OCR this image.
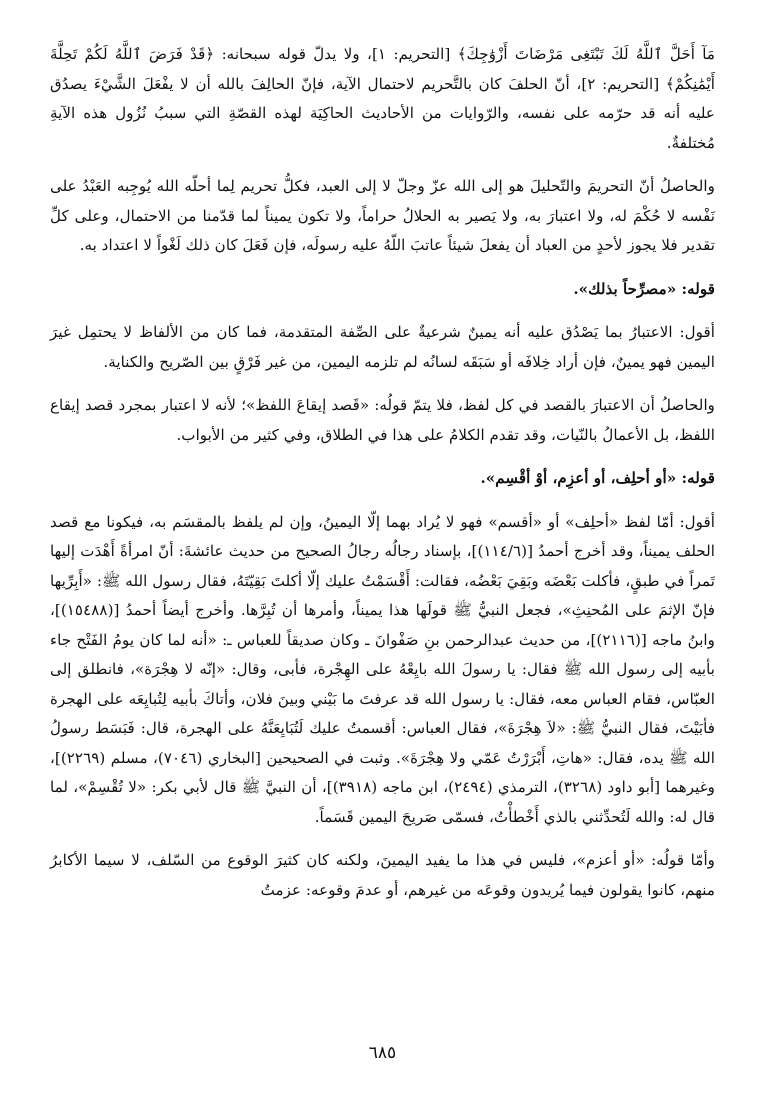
مَآ أَحَلَّ ٱللَّهُ لَكَ تَبْتَغِى مَرْضَاتَ أَزْوَٰجِكَ﴾ [التحريم: ١]، ولا يدلّ قوله سبحانه: ﴿قَدْ فَرَضَ ٱللَّهُ لَكُمْ تَحِلَّةَ أَيْمَٰنِكُمْ﴾ [التحريم: ٢]، أنّ الحلفَ كان بالتَّحريم لاحتمال الآية، فإنّ الحالِفَ بالله أن لا يفْعَلَ الشَّيْءَ يصدُق عليه أنه قد حرّمه على نفسه، والرّوايات من الأحاديث الحاكِيَة لهذه القصّةِ التي سببُ نُزُول هذه الآيةِ مُختلفةٌ.

والحاصلُ أنّ التحريمَ والتّحليلَ هو إلى الله عزّ وجلّ لا إلى العبد، فكلُّ تحريم لِما أحلّه الله يُوجِبه العَبْدُ على نَفْسه لا حُكْمَ له، ولا اعتبارَ به، ولا يَصير به الحلالُ حراماً، ولا تكون يميناً لما قدّمنا من الاحتمال، وعلى كلِّ تقدير فلا يجوز لأحدٍ من العباد أن يفعلَ شيئاً عاتبَ اللّهُ عليه رسولَه، فإن فَعَلَ كان ذلك لَغْواً لا اعتداد به.

قوله: «مصرِّحاً بذلك».

أقول: الاعتبارُ بما يَصْدُق عليه أنه يمينٌ شرعيةٌ على الصِّفة المتقدمة، فما كان من الألفاظ لا يحتمِل غيرَ اليمين فهو يمينٌ، فإن أراد خِلافَه أو سَبَقَه لسانُه لم تلزمه اليمين، من غير فَرْقٍ بين الصّريح والكناية.

والحاصلُ أن الاعتبارَ بالقصد في كل لفظ، فلا يتمّ قولُه: «قَصد إيقاعَ اللفظ»؛ لأنه لا اعتبار بمجرد قصد إيقاع اللفظ، بل الأعمالُ بالنّيات، وقد تقدم الكلامُ على هذا في الطلاق، وفي كثير من الأبواب.

قوله: «أو أحلِف، أو أعزِم، أوْ أقْسِم».

أقول: أمّا لفظ «أحلِف» أو «أقسم» فهو لا يُراد بهما إلّا اليمينُ، وإن لم يلفظ بالمقسَم به، فيكونا مع قصد الحلف يميناً، وقد أخرج أحمدُ [(١١٤/٦)]، بإسناد رجالُه رجالُ الصحيح من حديث عائشةَ: أنّ امرأةً أَهْدَت إليها تَمراً في طبقٍ، فأكلت بَعْضَه وبَقِيَ بَعْضُه، فقالت: أَقْسَمْتُ عليك إلّا أكلتَ بَقِيّتَهُ، فقال رسول الله ﷺ: «أَبِرِّيها فإنّ الإثمَ على المُحنِثِ»، فجعل النبيُّ ﷺ قولَها هذا يميناً، وأمرها أن تُبِرَّها. وأخرج أيضاً أحمدُ [(١٥٤٨٨)]، وابنُ ماجه [(٢١١٦)]، من حديث عبدالرحمن بنِ صَفْوانَ ـ وكان صديقاً للعباس ـ: «أنه لما كان يومُ الفَتْح جاء بأبيه إلى رسول الله ﷺ فقال: يا رسولَ الله بايِعْهُ على الهِجْرة، فأبى، وقال: «إنّه لا هِجْرَة»، فانطلق إلى العبّاس، فقام العباس معه، فقال: يا رسول الله قد عرفتَ ما بَيْني وبينَ فلان، وأتاكَ بأبيه لِتُبايِعَه على الهجرة فأبَيْتَ، فقال النبيُّ ﷺ: «لاَ هِجْرَةَ»، فقال العباس: أقسمتُ عليك لَتُبَايِعَنَّهُ على الهجرة، قال: فَبَسَط رسولُ الله ﷺ يده، فقال: «هاتِ، أَبْرَرْتُ عَمّي ولا هِجْرَةَ». وثبت في الصحيحين [البخاري (٧٠٤٦)، مسلم (٢٢٦٩)]، وغيرهما [أبو داود (٣٢٦٨)، الترمذي (٢٤٩٤)، ابن ماجه (٣٩١٨)]، أن النبيَّ ﷺ قال لأبي بكر: «لا تُقْسِمْ»، لما قال له: والله لَتُحدِّثني بالذي أَخْطأْتُ، فسمّى صَريحَ اليمين قَسَماً.

وأمّا قولُه: «أو أعزم»، فليس في هذا ما يفيد اليمينَ، ولكنه كان كثيرَ الوقوع من السّلف، لا سيما الأكابرُ منهم، كانوا يقولون فيما يُريدون وقوعَه من غيرهم، أو عدمَ وقوعه: عزمتُ

٦٨٥
